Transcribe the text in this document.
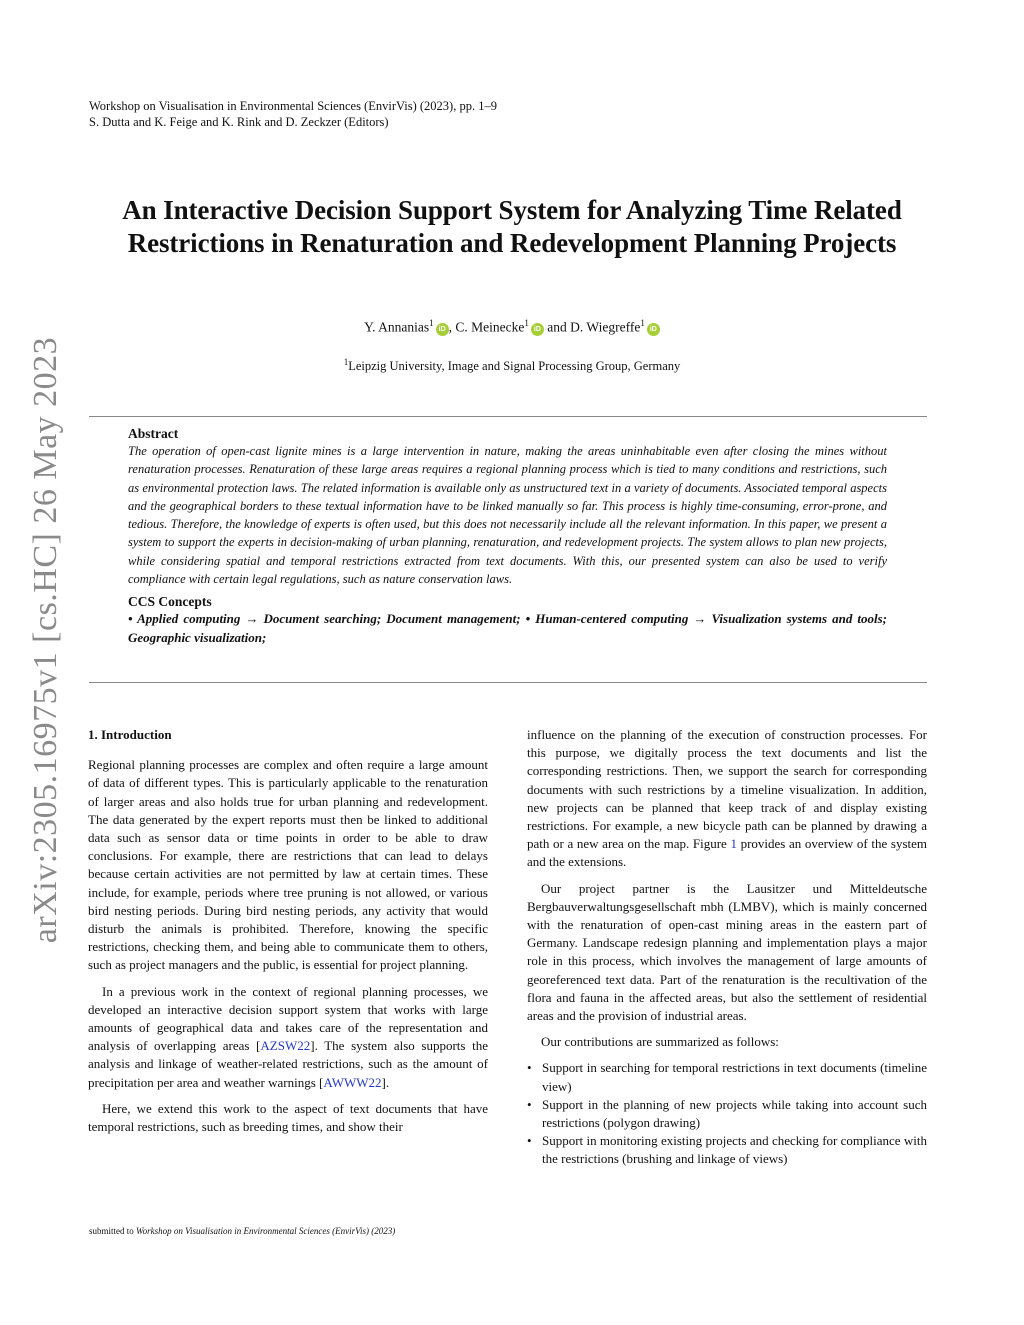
Workshop on Visualisation in Environmental Sciences (EnvirVis) (2023), pp. 1–9
S. Dutta and K. Feige and K. Rink and D. Zeckzer (Editors)
An Interactive Decision Support System for Analyzing Time Related
Restrictions in Renaturation and Redevelopment Planning Projects
Y. Annanias$^1$iD , C. Meinecke$^1$iD and D. Wiegreffe$^1$iD
$^1$Leipzig University, Image and Signal Processing Group, Germany
arXiv:2305.16975v1 [cs.HC] 26 May 2023	Abstract
The operation of open-cast lignite mines is a large intervention in nature, making the areas uninhabitable even after closing the mines without renaturation processes. Renaturation of these large areas requires a regional planning process which is tied to many conditions and restrictions, such as environmental protection laws. The related information is available only as unstructured text in a variety of documents. Associated temporal aspects and the geographical borders to these textual information have to be linked manually so far. This process is highly time-consuming, error-prone, and tedious. Therefore, the knowledge of experts is often used, but this does not necessarily include all the relevant information. In this paper, we present a system to support the experts in decision-making of urban planning, renaturation, and redevelopment projects. The system allows to plan new projects, while considering spatial and temporal restrictions extracted from text documents. With this, our presented system can also be used to verify compliance with certain legal regulations, such as nature conservation laws.
CCS Concepts
• Applied computing → Document searching; Document management; • Human-centered computing → Visualization systems and tools; Geographic visualization;
1. Introduction

Regional planning processes are complex and often require a large amount of data of different types. This is particularly applicable to the renaturation of larger areas and also holds true for urban planning and redevelopment. The data generated by the expert reports must then be linked to additional data such as sensor data or time points in order to be able to draw conclusions. For example, there are restrictions that can lead to delays because certain activities are not permitted by law at certain times. These include, for example, periods where tree pruning is not allowed, or various bird nesting periods. During bird nesting periods, any activity that would disturb the animals is prohibited. Therefore, knowing the specific restrictions, checking them, and being able to communicate them to others, such as project managers and the public, is essential for project planning.

In a previous work in the context of regional planning processes, we developed an interactive decision support system that works with large amounts of geographical data and takes care of the representation and analysis of overlapping areas [AZSW22]. The system also supports the analysis and linkage of weather-related restrictions, such as the amount of precipitation per area and weather warnings [AWWW22].

Here, we extend this work to the aspect of text documents that have temporal restrictions, such as breeding times, and show their

influence on the planning of the execution of construction processes. For this purpose, we digitally process the text documents and list the corresponding restrictions. Then, we support the search for corresponding documents with such restrictions by a timeline visualization. In addition, new projects can be planned that keep track of and display existing restrictions. For example, a new bicycle path can be planned by drawing a path or a new area on the map. Figure 1 provides an overview of the system and the extensions.

Our project partner is the Lausitzer und Mitteldeutsche Bergbauverwaltungsgesellschaft mbh (LMBV), which is mainly concerned with the renaturation of open-cast mining areas in the eastern part of Germany. Landscape redesign planning and implementation plays a major role in this process, which involves the management of large amounts of georeferenced text data. Part of the renaturation is the recultivation of the flora and fauna in the affected areas, but also the settlement of residential areas and the provision of industrial areas.

Our contributions are summarized as follows:

• Support in searching for temporal restrictions in text documents (timeline view)
• Support in the planning of new projects while taking into account such restrictions (polygon drawing)
• Support in monitoring existing projects and checking for compliance with the restrictions (brushing and linkage of views)
submitted to Workshop on Visualisation in Environmental Sciences (EnvirVis) (2023)
